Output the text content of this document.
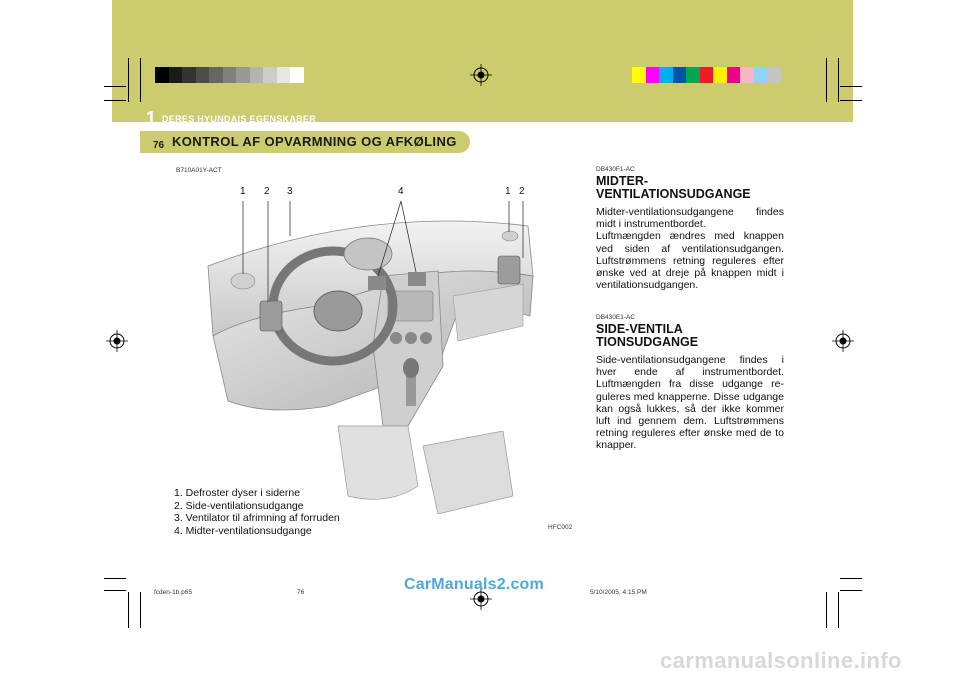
1 DERES HYUNDAIS EGENSKABER
76 KONTROL AF OPVARMNING OG AFKØLING
B710A01Y-ACT
1 2 3	4	1 2
1. Defroster dyser i siderne
2. Side-ventilationsudgange
3. Ventilator til afrimning af forruden
4. Midter-ventilationsudgange	HFC002
DB430F1-AC
MIDTER-
VENTILATIONSUDGANGE
Midter-ventilationsudgangene findes midt i instrumentbordet.
Luftmængden ændres med knappen ved siden af ventilationsudgangen. Luftstrømmens retning reguleres efter ønske ved at dreje på knappen midt i ventilationsudgangen.
DB430E1-AC
SIDE-VENTILA TIONSUDGANGE
Side-ventilationsudgangene findes i hver ende af instrumentbordet. Luftmængden fra disse udgange re-guleres med knapperne. Disse udgange kan også lukkes, så der ikke kommer luft ind gennem dem. Luftstrømmens retning reguleres efter ønske med de to knapper.
fcden-1b.p65	76	5/10/2005, 4:15 PM
CarManuals2.com
carmanualsonline.info
